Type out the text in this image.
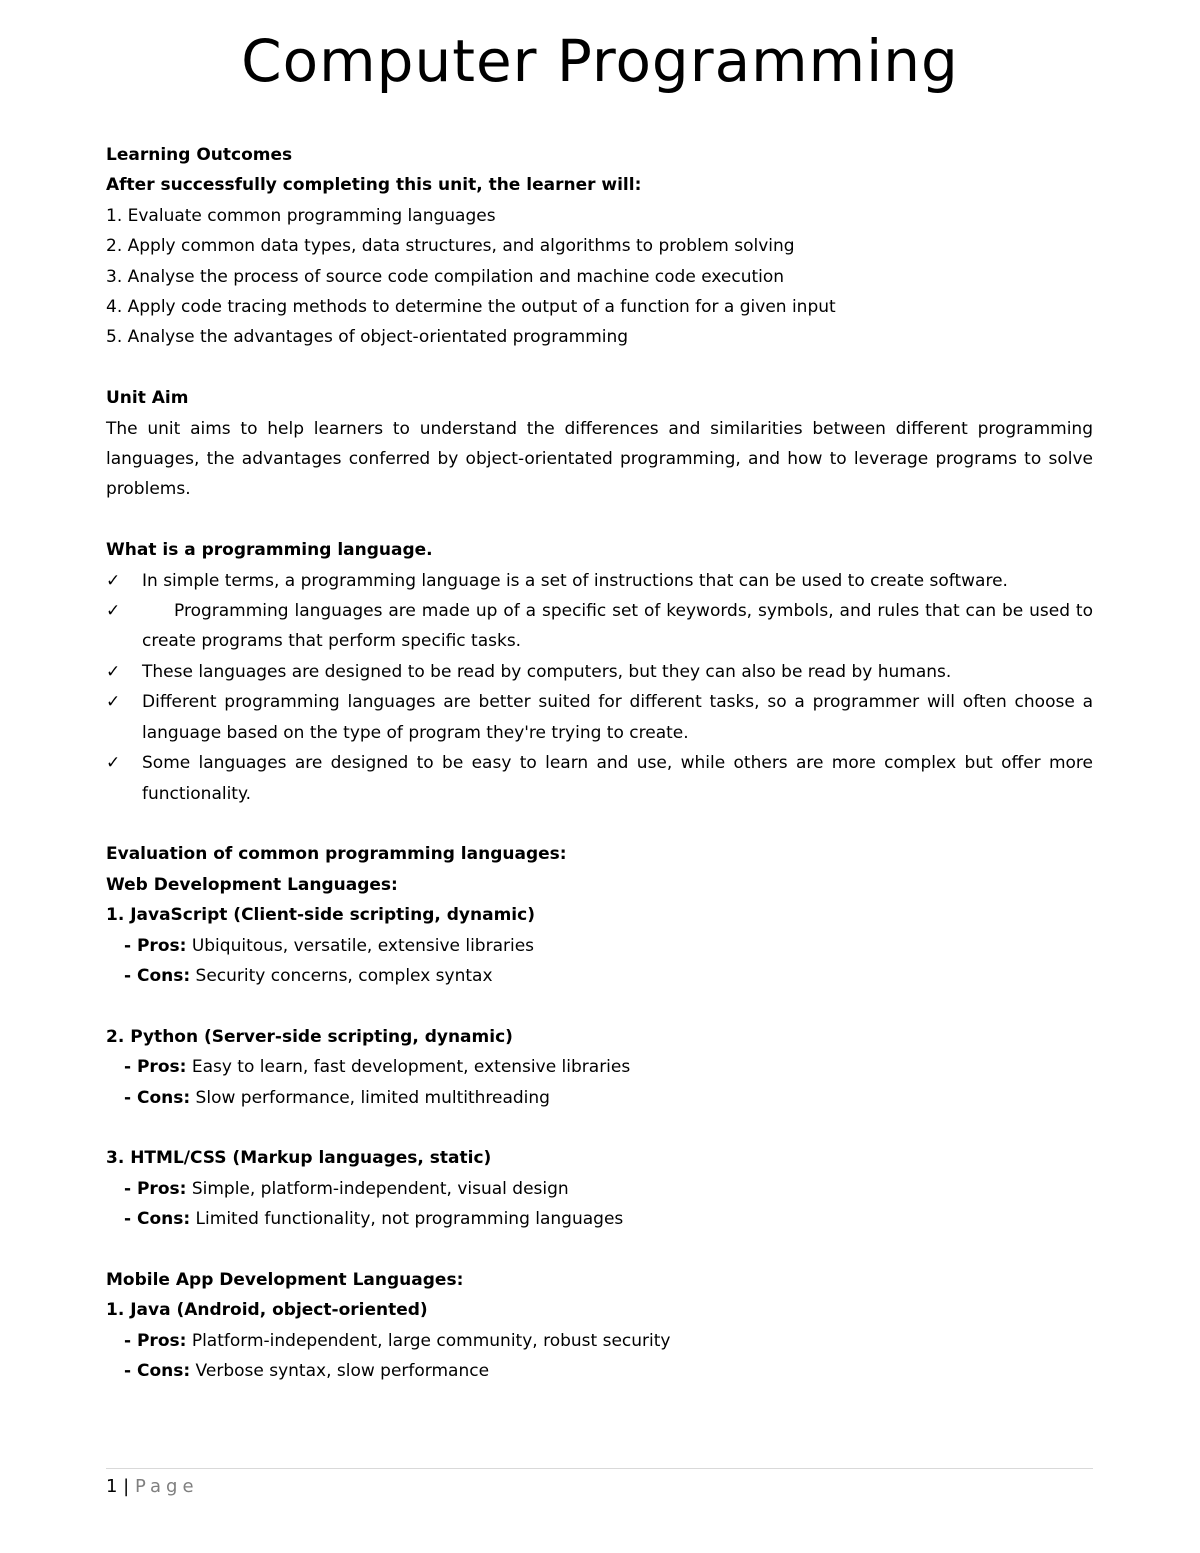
Computer Programming

Learning Outcomes

After successfully completing this unit, the learner will:

1. Evaluate common programming languages

2. Apply common data types, data structures, and algorithms to problem solving

3. Analyse the process of source code compilation and machine code execution

4. Apply code tracing methods to determine the output of a function for a given input

5. Analyse the advantages of object-orientated programming

Unit Aim

The unit aims to help learners to understand the differences and similarities between different programming languages, the advantages conferred by object-orientated programming, and how to leverage programs to solve problems.

What is a programming language.

✓ In simple terms, a programming language is a set of instructions that can be used to create software.
✓	Programming languages are made up of a specific set of keywords, symbols, and rules that can be used to create programs that perform specific tasks.
✓ These languages are designed to be read by computers, but they can also be read by humans.
✓ Different programming languages are better suited for different tasks, so a programmer will often choose a language based on the type of program they're trying to create.
✓ Some languages are designed to be easy to learn and use, while others are more complex but offer more functionality.

Evaluation of common programming languages:

Web Development Languages:

1. JavaScript (Client-side scripting, dynamic)

- Pros: Ubiquitous, versatile, extensive libraries

- Cons: Security concerns, complex syntax

2. Python (Server-side scripting, dynamic)

- Pros: Easy to learn, fast development, extensive libraries

- Cons: Slow performance, limited multithreading

3. HTML/CSS (Markup languages, static)

- Pros: Simple, platform-independent, visual design

- Cons: Limited functionality, not programming languages

Mobile App Development Languages:

1. Java (Android, object-oriented)

- Pros: Platform-independent, large community, robust security

- Cons: Verbose syntax, slow performance

1 | Page
